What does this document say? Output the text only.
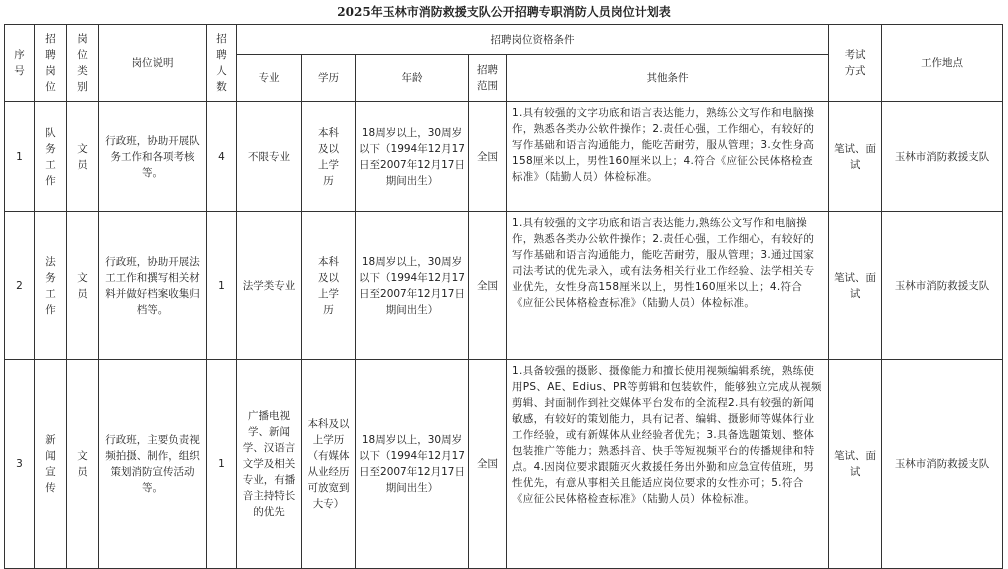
2025年玉林市消防救援支队公开招聘专职消防人员岗位计划表
序号	招聘岗位	岗位类别	岗位说明	招聘人数	招聘岗位资格条件					考试方式	工作地点
					专业	学历	年龄	招聘范围	其他条件		
1	队务工作	文员	行政班，协助开展队务工作和各项考核等。	4	不限专业	本科及以上学历	18周岁以上，30周岁以下（1994年12月17日至2007年12月17日期间出生）	全国	1.具有较强的文字功底和语言表达能力，熟练公文写作和电脑操作，熟悉各类办公软件操作；2.责任心强，工作细心，有较好的写作基础和语言沟通能力，能吃苦耐劳，服从管理；3.女性身高158厘米以上，男性160厘米以上；4.符合《应征公民体格检查标准》（陆勤人员）体检标准。	笔试、面试	玉林市消防救援支队
2	法务工作	文员	行政班，协助开展法工工作和撰写相关材料并做好档案收集归档等。	1	法学类专业	本科及以上学历	18周岁以上，30周岁以下（1994年12月17日至2007年12月17日期间出生）	全国	1.具有较强的文字功底和语言表达能力,熟练公文写作和电脑操作，熟悉各类办公软件操作；2.责任心强，工作细心，有较好的写作基础和语言沟通能力，能吃苦耐劳，服从管理；3.通过国家司法考试的优先录入，或有法务相关行业工作经验、法学相关专业优先，女性身高158厘米以上，男性160厘米以上；4.符合《应征公民体格检查标准》（陆勤人员）体检标准。	笔试、面试	玉林市消防救援支队
3	新闻宣传	文员	行政班，主要负责视频拍摄、制作，组织策划消防宣传活动等。	1	广播电视学、新闻学、汉语言文学及相关专业，有播音主持特长的优先	本科及以上学历（有媒体从业经历可放宽到大专）	18周岁以上，30周岁以下（1994年12月17日至2007年12月17日期间出生）	全国	1.具备较强的摄影、摄像能力和擅长使用视频编辑系统，熟练使用PS、AE、Edius、PR等剪辑和包装软件，能够独立完成从视频剪辑、封面制作到社交媒体平台发布的全流程2.具有较强的新闻敏感，有较好的策划能力，具有记者、编辑、摄影师等媒体行业工作经验，或有新媒体从业经验者优先；3.具备选题策划、整体包装推广等能力；熟悉抖音、快手等短视频平台的传播规律和特点。4.因岗位要求跟随灭火救援任务出外勤和应急宣传值班，男性优先，有意从事相关且能适应岗位要求的女性亦可；5.符合《应征公民体格检查标准》（陆勤人员）体检标准。	笔试、面试	玉林市消防救援支队
